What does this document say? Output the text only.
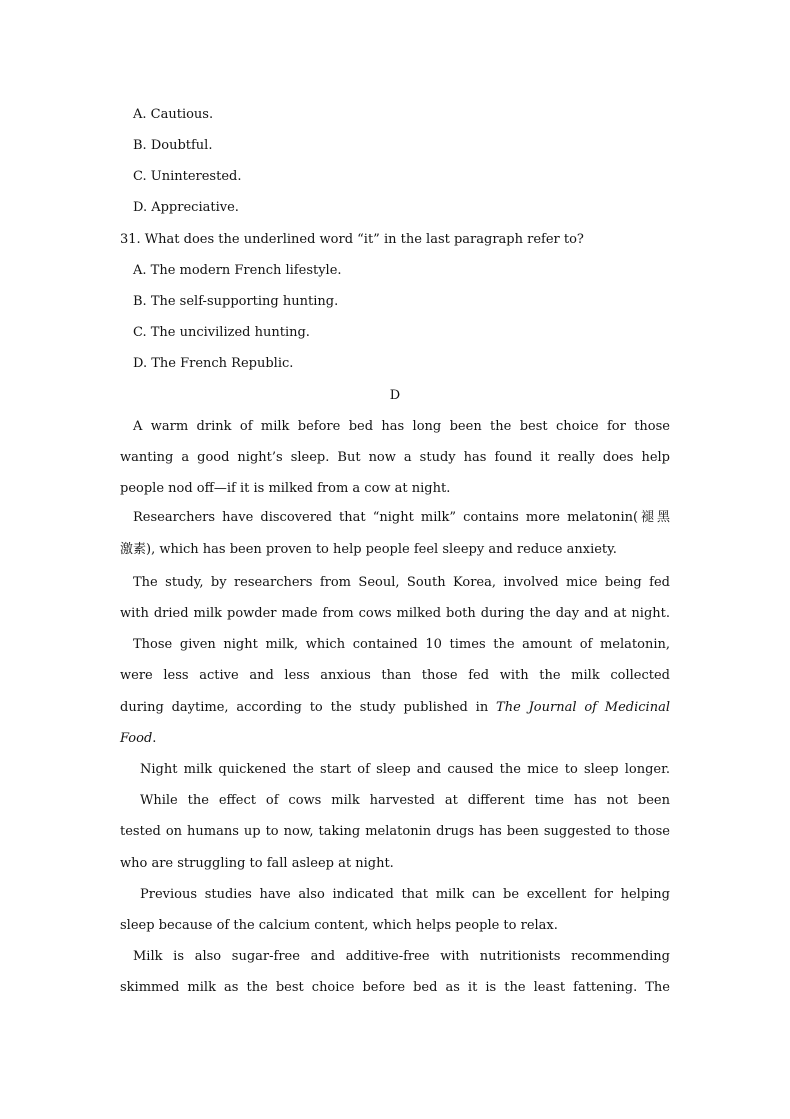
A. Cautious.
B. Doubtful.
C. Uninterested.
D. Appreciative.
31. What does the underlined word “it” in the last paragraph refer to?
A. The modern French lifestyle.
B. The self-supporting hunting.
C. The uncivilized hunting.
D. The French Republic.
D
A warm drink of milk before bed has long been the best choice for those
wanting a good night’s sleep. But now a study has found it really does help
people nod off—if it is milked from a cow at night.
Researchers have discovered that “night milk” contains more melatonin(褪黑
激素), which has been proven to help people feel sleepy and reduce anxiety.
The study, by researchers from Seoul, South Korea, involved mice being fed
with dried milk powder made from cows milked both during the day and at night.
Those given night milk, which contained 10 times the amount of melatonin,
were less active and less anxious than those fed with the milk collected
during daytime, according to the study published in The Journal of Medicinal
Food.
Night milk quickened the start of sleep and caused the mice to sleep longer.
While the effect of cows milk harvested at different time has not been
tested on humans up to now, taking melatonin drugs has been suggested to those
who are struggling to fall asleep at night.
Previous studies have also indicated that milk can be excellent for helping
sleep because of the calcium content, which helps people to relax.
Milk is also sugar-free and additive-free with nutritionists recommending
skimmed milk as the best choice before bed as it is the least fattening. The
